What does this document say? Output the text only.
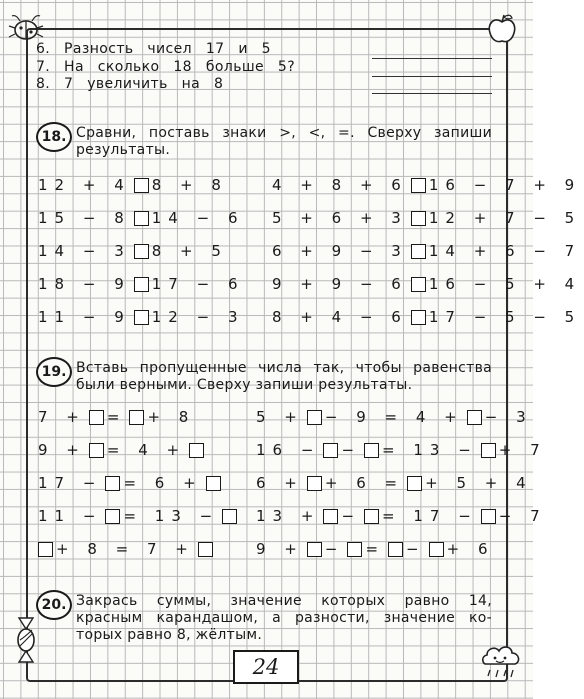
6. Разность чисел 17 и 5
7. На сколько 18 больше 5?
8. 7 увеличить на 8
18. Сравни, поставь знаки >, <, =. Сверху запиши
результаты.
12 + 4 8 + 8
15 − 8 14 − 6
14 − 3 8 + 5
18 − 9 17 − 6
11 − 9 12 − 3
4 + 8 + 6 16 − 7 + 9
5 + 6 + 3 12 + 7 − 5
6 + 9 − 3 14 + 6 − 7
9 + 9 − 6 16 − 5 + 4
8 + 4 − 6 17 − 5 − 5
19. Вставь пропущенные числа так, чтобы равенства
были верными. Сверху запиши результаты.
7 + = + 8
9 + = 4 +
17 − = 6 +
11 − = 13 −
+ 8 = 7 +
5 + − 9 = 4 + − 3
16 − − = 13 − + 7
6 + + 6 = + 5 + 4
13 + − = 17 − − 7
9 + − = − + 6
20. Закрась суммы, значение которых равно 14,
красным карандашом, а разности, значение ко-
торых равно 8, жёлтым.
24
